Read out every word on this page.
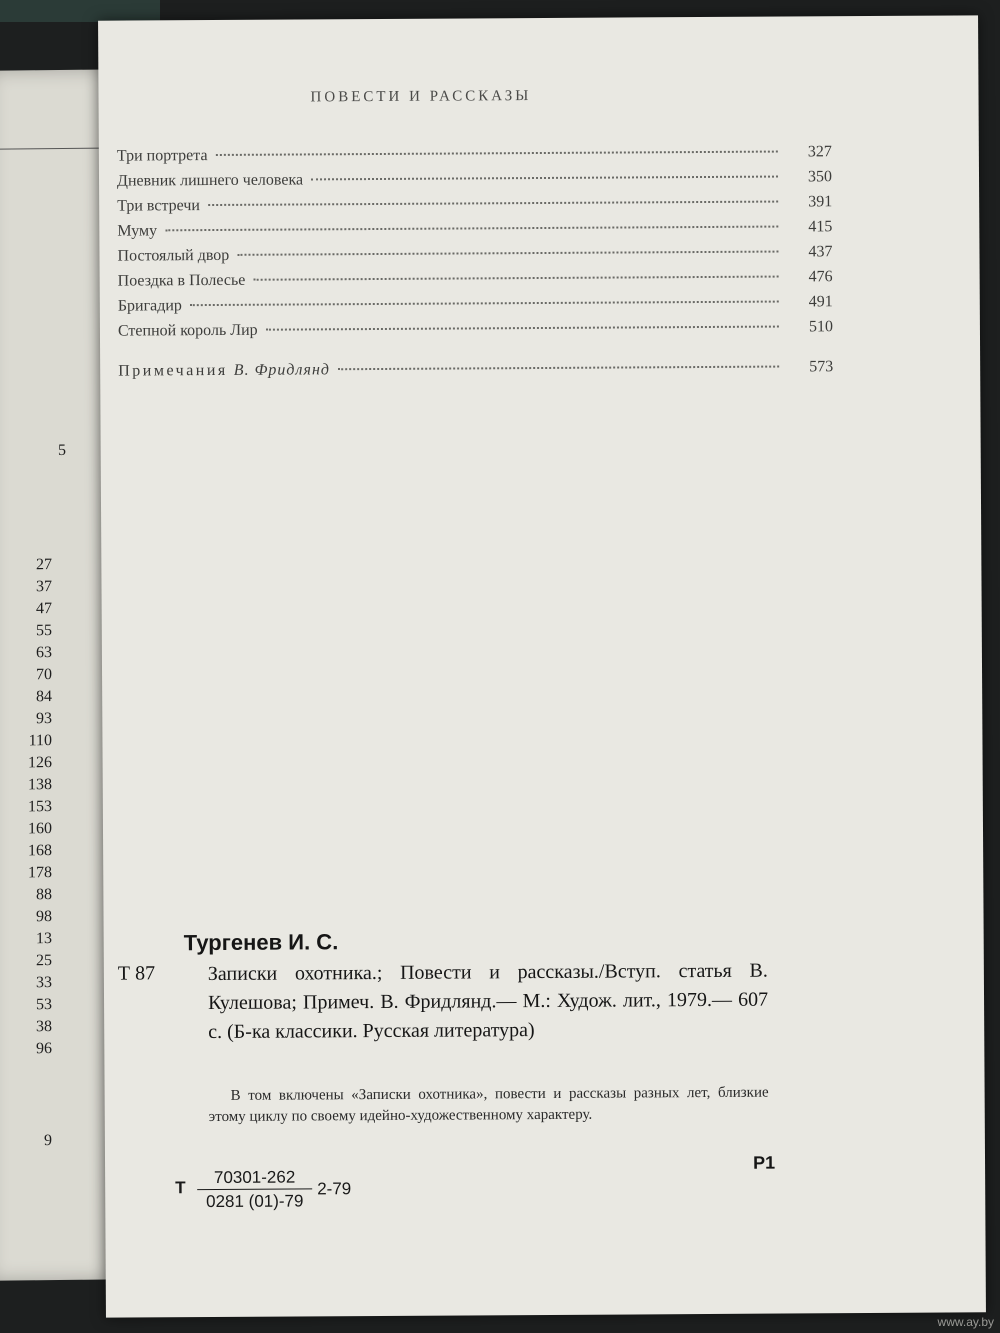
5
27
37
47
55
63
70
84
93
110
126
138
153
160
168
178
88
98
13
25
33
53
38
96
9
ПОВЕСТИ И РАССКАЗЫ
Три портрета	327
Дневник лишнего человека	350
Три встречи	391
Муму	415
Постоялый двор	437
Поездка в Полесье	476
Бригадир	491
Степной король Лир	510
Примечания В. Фридлянд	573
Тургенев И. С.
Т 87	Записки охотника.; Повести и рассказы./Вступ. статья В. Кулешова; Примеч. В. Фридлянд.— М.: Худож. лит., 1979.— 607 с. (Б-ка классики. Русская литература)
В том включены «Записки охотника», повести и рассказы разных лет, близкие этому циклу по своему идейно-художественному характеру.
Р1
Т
70301-262
0281 (01)-79
2-79
www.ay.by
